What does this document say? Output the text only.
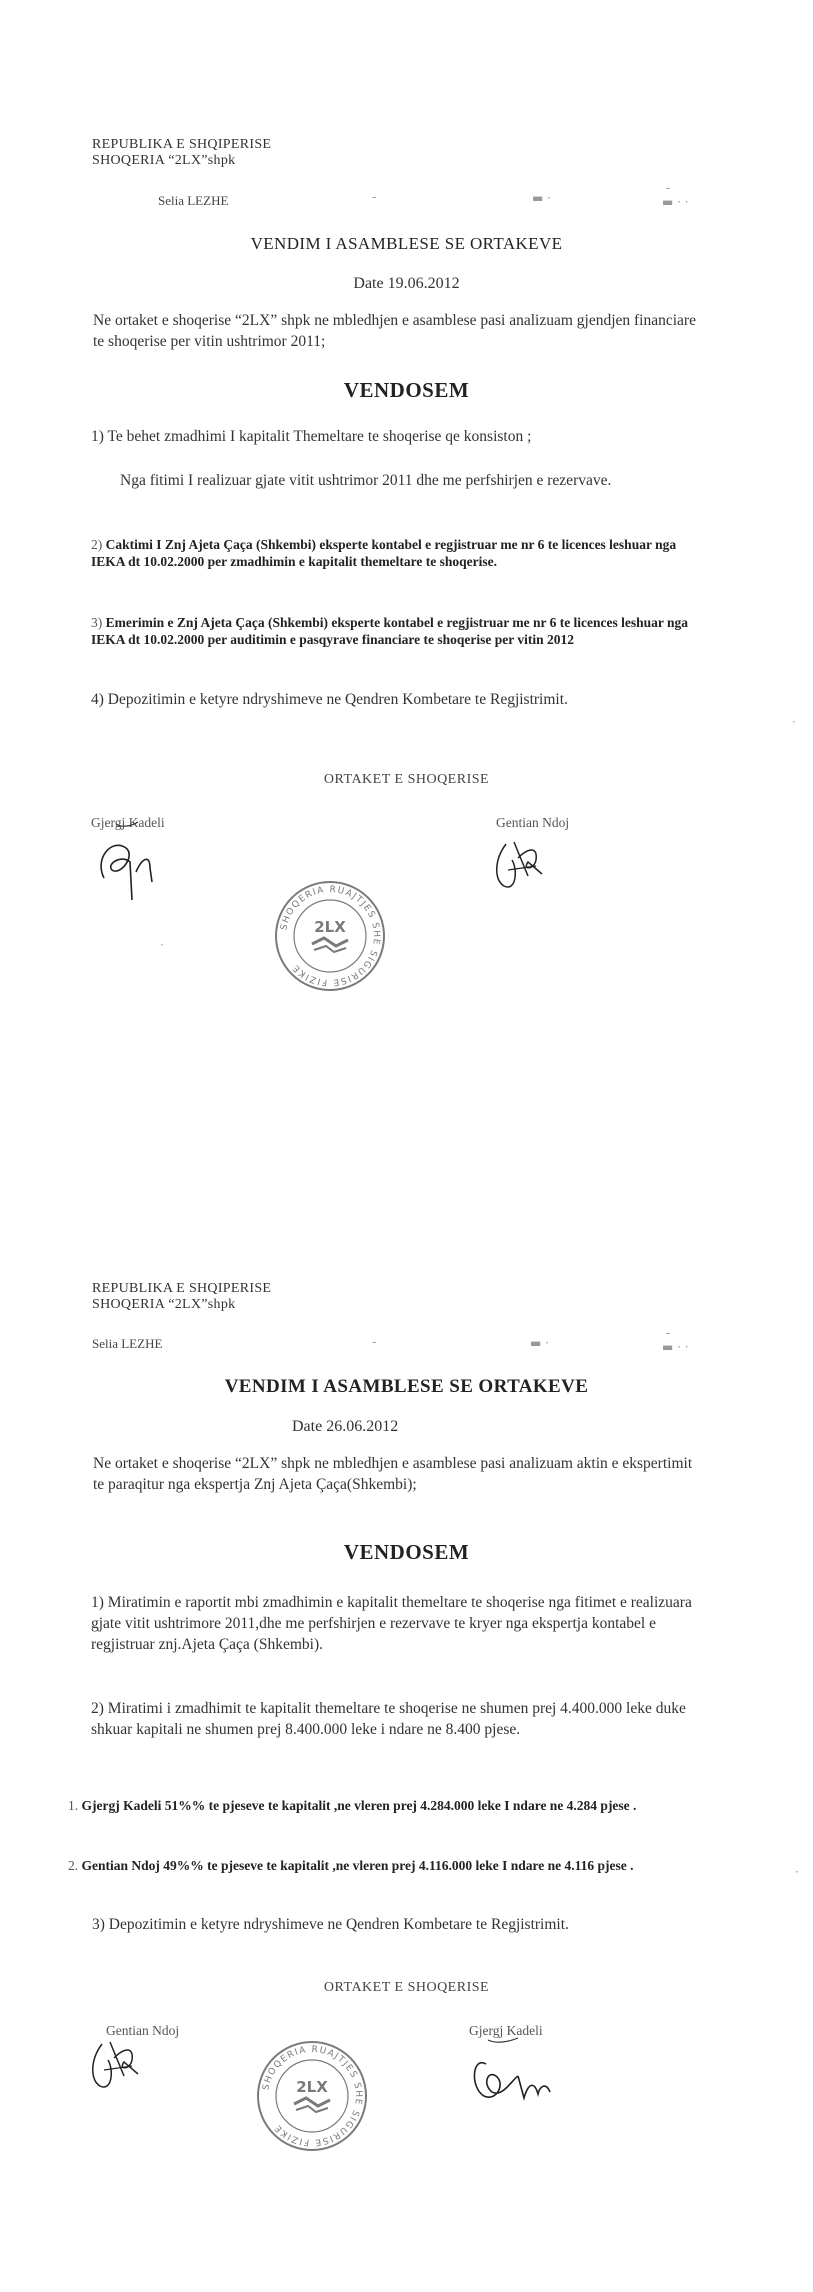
REPUBLIKA E SHQIPERISE
SHOQERIA “2LX”shpk
Selia LEZHE	-	▬ ·
-
▬ · ·
VENDIM I ASAMBLESE SE ORTAKEVE
Date 19.06.2012
Ne ortaket e shoqerise “2LX” shpk ne mbledhjen e asamblese pasi analizuam gjendjen financiare te shoqerise per vitin ushtrimor 2011;
VENDOSEM
1) Te behet zmadhimi I kapitalit Themeltare te shoqerise qe konsiston ;
Nga fitimi I realizuar gjate vitit ushtrimor 2011 dhe me perfshirjen e rezervave.
2) Caktimi I Znj Ajeta Çaça (Shkembi) eksperte kontabel e regjistruar me nr 6 te licences leshuar nga IEKA dt 10.02.2000 per zmadhimin e kapitalit themeltare te shoqerise.
3) Emerimin e Znj Ajeta Çaça (Shkembi) eksperte kontabel e regjistruar me nr 6 te licences leshuar nga IEKA dt 10.02.2000 per auditimin e pasqyrave financiare te shoqerise per vitin 2012
4) Depozitimin e ketyre ndryshimeve ne Qendren Kombetare te Regjistrimit.
ORTAKET E SHOQERISE
Gjergj Kadeli	Gentian Ndoj
SHOQERIA RUAJTJES SHE SIGURISE FIZIKE
2LX
·
·
REPUBLIKA E SHQIPERISE
SHOQERIA “2LX”shpk
Selia LEZHE	-	▬ ·
-
▬ · ·
VENDIM I ASAMBLESE SE ORTAKEVE
Date 26.06.2012
Ne ortaket e shoqerise “2LX” shpk ne mbledhjen e asamblese pasi analizuam aktin e ekspertimit te paraqitur nga ekspertja Znj Ajeta Çaça(Shkembi);
VENDOSEM
1) Miratimin e raportit mbi zmadhimin e kapitalit themeltare te shoqerise nga fitimet e realizuara gjate vitit ushtrimore 2011,dhe me perfshirjen e rezervave te kryer nga ekspertja kontabel e regjistruar znj.Ajeta Çaça (Shkembi).
2) Miratimi i zmadhimit te kapitalit themeltare te shoqerise ne shumen prej 4.400.000 leke duke shkuar kapitali ne shumen prej 8.400.000 leke i ndare ne 8.400 pjese.
1. Gjergj Kadeli 51%% te pjeseve te kapitalit ,ne vleren prej 4.284.000 leke I ndare ne 4.284 pjese .
2. Gentian Ndoj 49%% te pjeseve te kapitalit ,ne vleren prej 4.116.000 leke I ndare ne 4.116 pjese .
3) Depozitimin e ketyre ndryshimeve ne Qendren Kombetare te Regjistrimit.
ORTAKET E SHOQERISE
Gentian Ndoj	Gjergj Kadeli
SHOQERIA RUAJTJES SHE SIGURISE FIZIKE
2LX
·
